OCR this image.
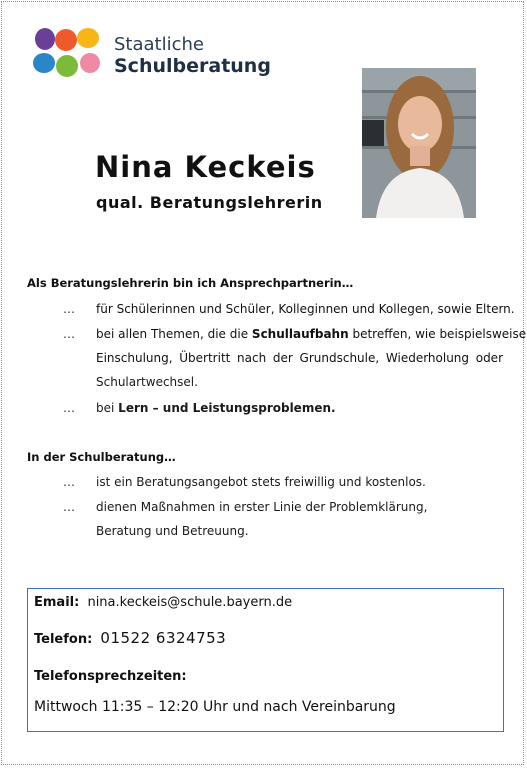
Staatliche
Schulberatung
Nina Keckeis
qual. Beratungslehrerin
Als Beratungslehrerin bin ich Ansprechpartnerin…
… für Schülerinnen und Schüler, Kolleginnen und Kollegen, sowie Eltern.
… bei allen Themen, die die Schullaufbahn betreffen, wie beispielsweise
Einschulung, Übertritt nach der Grundschule, Wiederholung oder
Schulartwechsel.
… bei Lern – und Leistungsproblemen.
In der Schulberatung…
… ist ein Beratungsangebot stets freiwillig und kostenlos.
… dienen Maßnahmen in erster Linie der Problemklärung,
Beratung und Betreuung.
Email: nina.keckeis@schule.bayern.de
Telefon: 01522 6324753
Telefonsprechzeiten:
Mittwoch 11:35 – 12:20 Uhr und nach Vereinbarung
